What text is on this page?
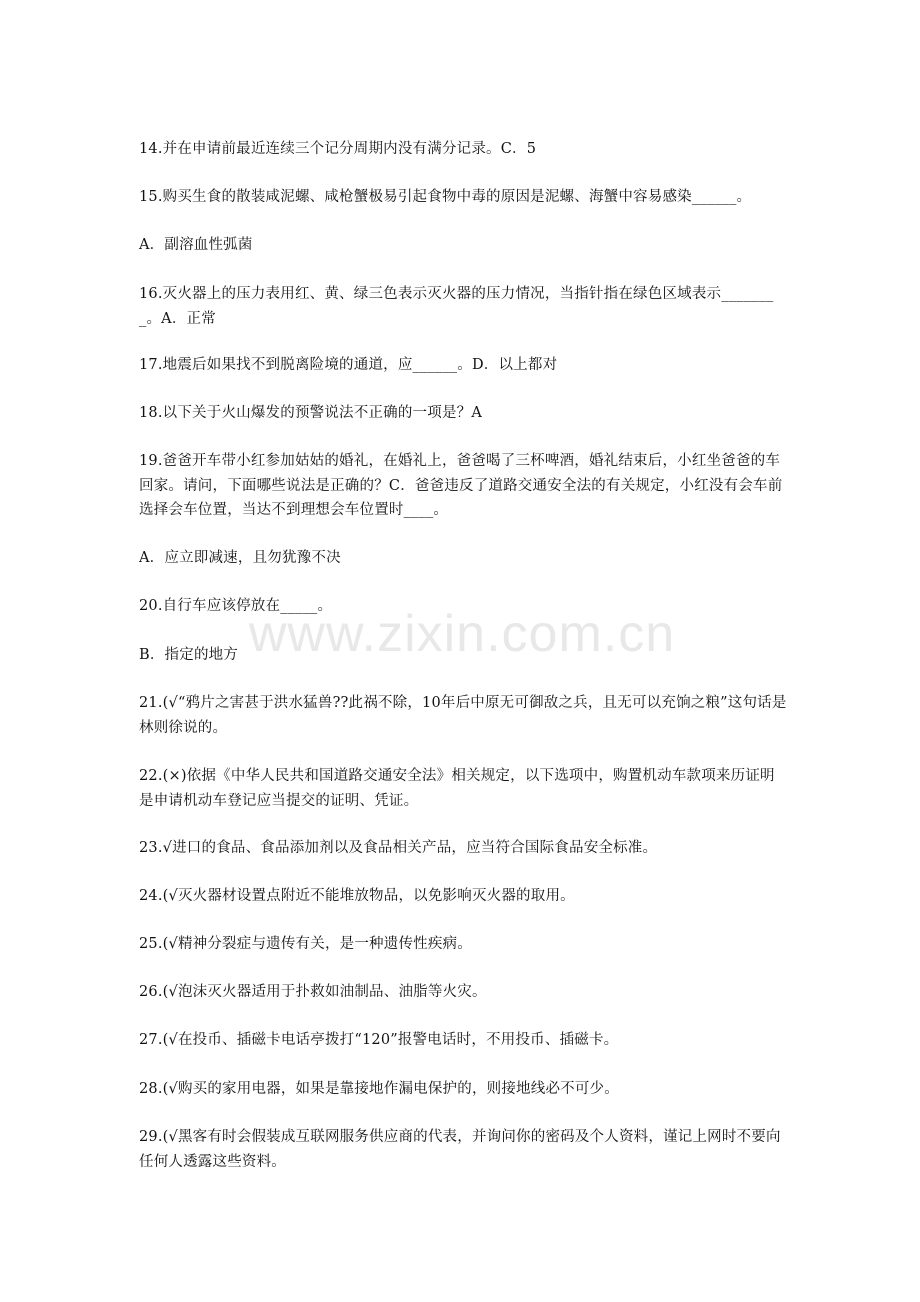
14.并在申请前最近连续三个记分周期内没有满分记录。C．5
15.购买生食的散装咸泥螺、咸枪蟹极易引起食物中毒的原因是泥螺、海蟹中容易感染______。
A．副溶血性弧菌
16.灭火器上的压力表用红、黄、绿三色表示灭火器的压力情况，当指针指在绿色区域表示________。A．正常
17.地震后如果找不到脱离险境的通道，应______。D．以上都对
18.以下关于火山爆发的预警说法不正确的一项是？A
19.爸爸开车带小红参加姑姑的婚礼，在婚礼上，爸爸喝了三杯啤酒，婚礼结束后，小红坐爸爸的车回家。请问，下面哪些说法是正确的？C．爸爸违反了道路交通安全法的有关规定，小红没有会车前选择会车位置，当达不到理想会车位置时____。
A．应立即减速，且勿犹豫不决
20.自行车应该停放在_____。
B．指定的地方
21.(√“鸦片之害甚于洪水猛兽??此祸不除，10年后中原无可御敌之兵，且无可以充饷之粮”这句话是林则徐说的。
22.(×)依据《中华人民共和国道路交通安全法》相关规定，以下选项中，购置机动车款项来历证明是申请机动车登记应当提交的证明、凭证。
23.√进口的食品、食品添加剂以及食品相关产品，应当符合国际食品安全标准。
24.(√灭火器材设置点附近不能堆放物品，以免影响灭火器的取用。
25.(√精神分裂症与遗传有关，是一种遗传性疾病。
26.(√泡沫灭火器适用于扑救如油制品、油脂等火灾。
27.(√在投币、插磁卡电话亭拨打“120”报警电话时，不用投币、插磁卡。
28.(√购买的家用电器，如果是靠接地作漏电保护的，则接地线必不可少。
29.(√黑客有时会假装成互联网服务供应商的代表，并询问你的密码及个人资料，谨记上网时不要向任何人透露这些资料。
www.zixin.com.cn
